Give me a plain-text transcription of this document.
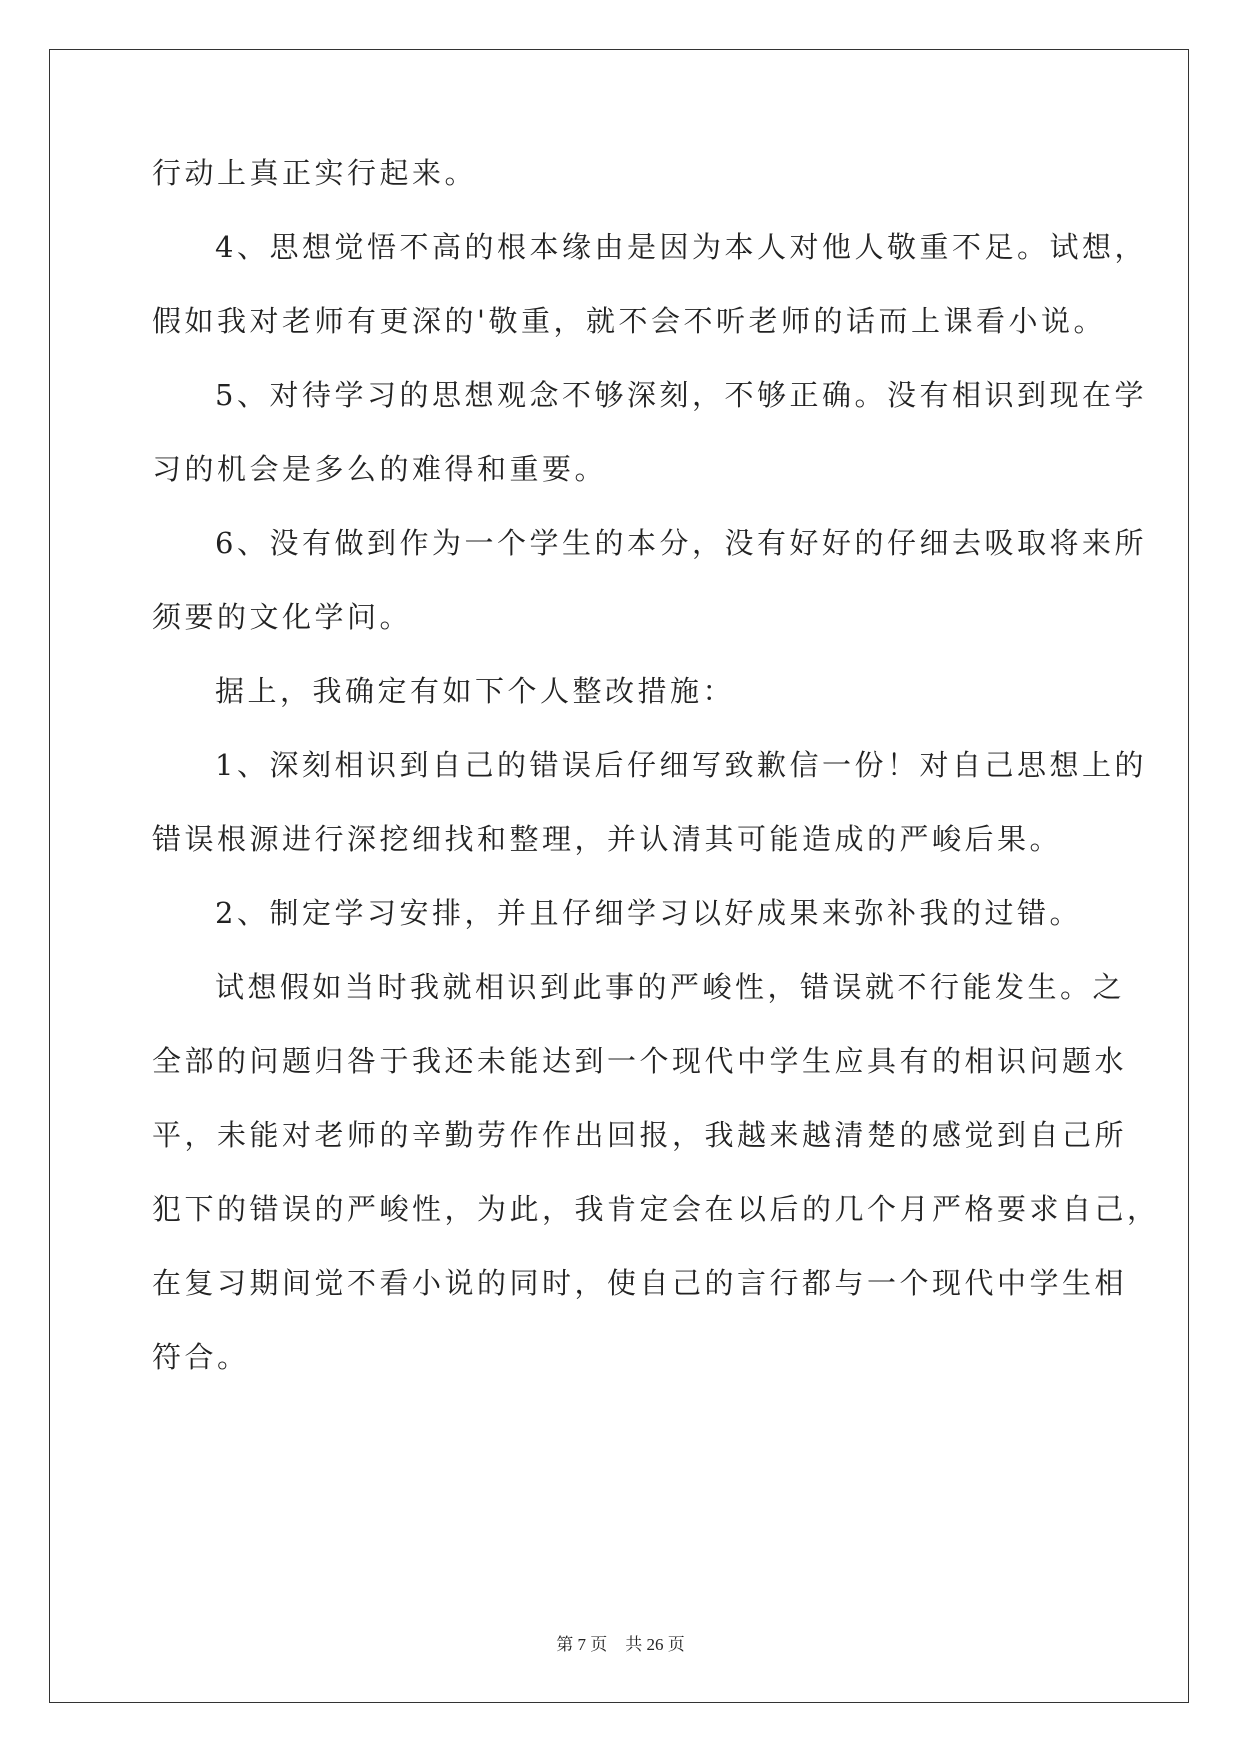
行动上真正实行起来。
4、思想觉悟不高的根本缘由是因为本人对他人敬重不足。试想，
假如我对老师有更深的'敬重，就不会不听老师的话而上课看小说。
5、对待学习的思想观念不够深刻，不够正确。没有相识到现在学
习的机会是多么的难得和重要。
6、没有做到作为一个学生的本分，没有好好的仔细去吸取将来所
须要的文化学问。
据上，我确定有如下个人整改措施：
1、深刻相识到自己的错误后仔细写致歉信一份！对自己思想上的
错误根源进行深挖细找和整理，并认清其可能造成的严峻后果。
2、制定学习安排，并且仔细学习以好成果来弥补我的过错。
试想假如当时我就相识到此事的严峻性，错误就不行能发生。之
全部的问题归咎于我还未能达到一个现代中学生应具有的相识问题水
平，未能对老师的辛勤劳作作出回报，我越来越清楚的感觉到自己所
犯下的错误的严峻性，为此，我肯定会在以后的几个月严格要求自己，
在复习期间觉不看小说的同时，使自己的言行都与一个现代中学生相
符合。
第 7 页 共 26 页
